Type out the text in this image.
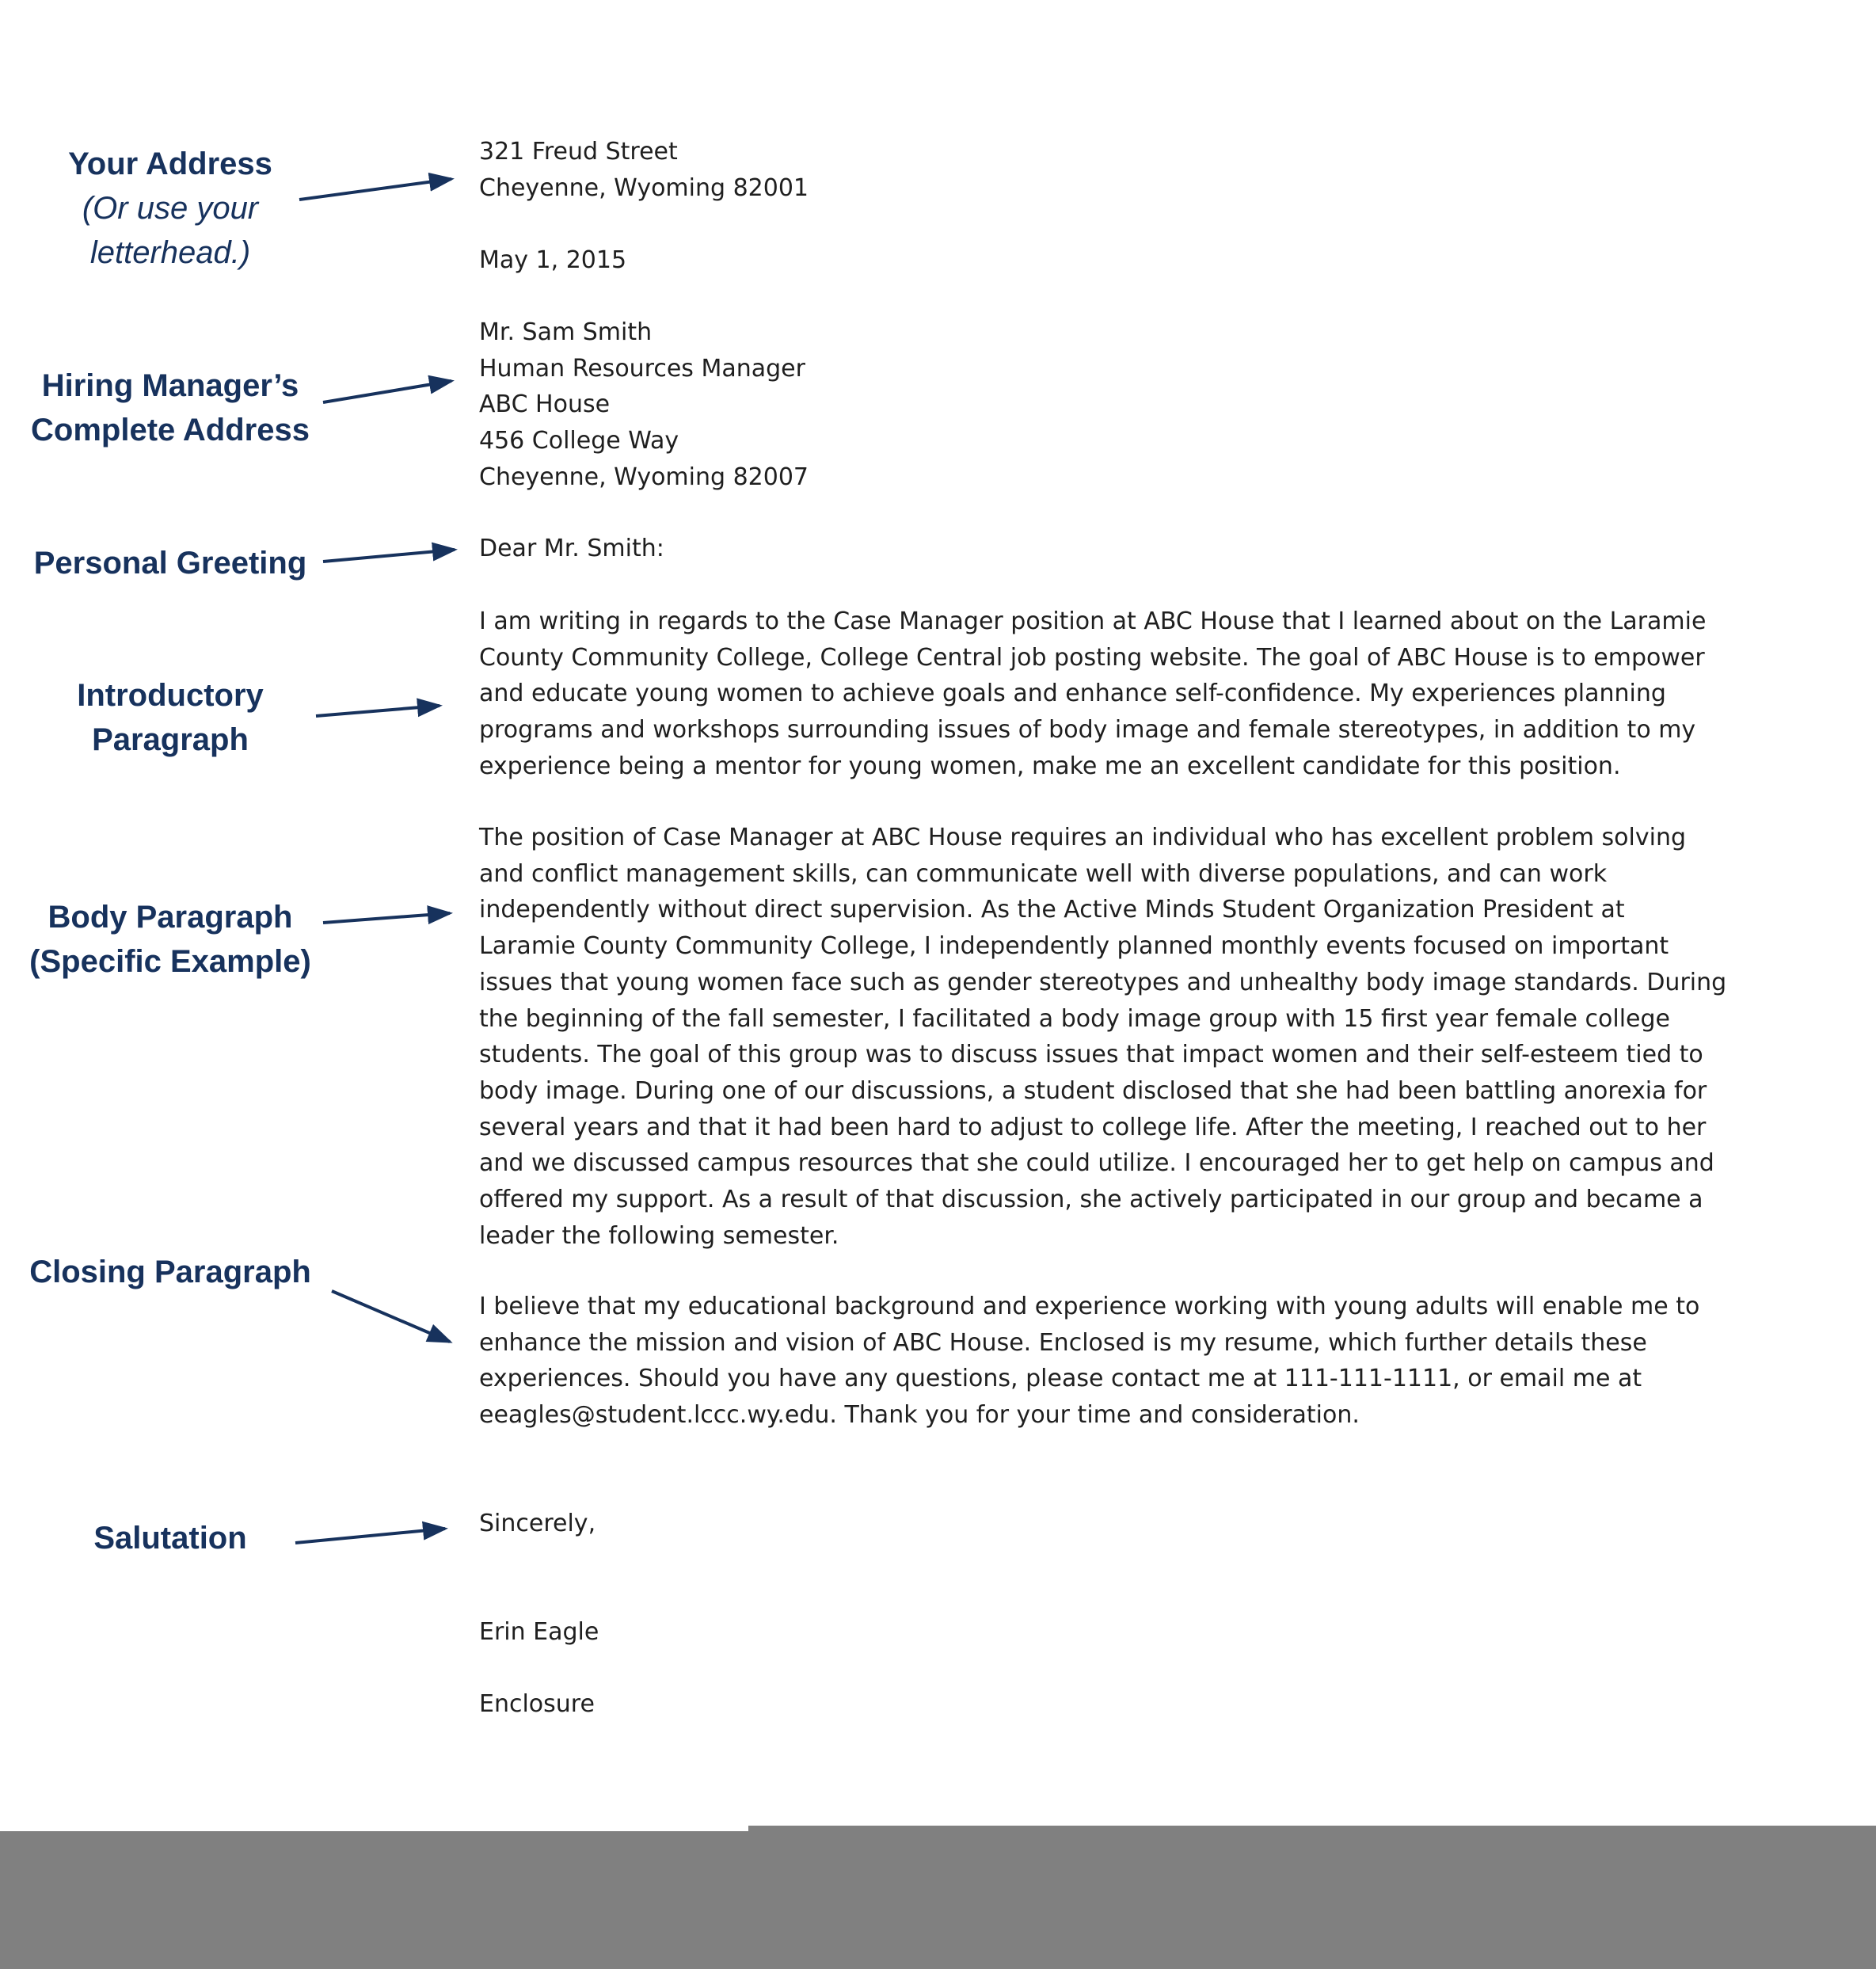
Your Address
(Or use your
letterhead.)
Hiring Manager’s
Complete Address
Personal Greeting
Introductory
Paragraph
Body Paragraph
(Specific Example)
Closing Paragraph
Salutation
321 Freud Street
Cheyenne, Wyoming 82001
May 1, 2015
Mr. Sam Smith
Human Resources Manager
ABC House
456 College Way
Cheyenne, Wyoming 82007
Dear Mr. Smith:
I am writing in regards to the Case Manager position at ABC House that I learned about on the Laramie
County Community College, College Central job posting website. The goal of ABC House is to empower
and educate young women to achieve goals and enhance self-confidence. My experiences planning
programs and workshops surrounding issues of body image and female stereotypes, in addition to my
experience being a mentor for young women, make me an excellent candidate for this position.
The position of Case Manager at ABC House requires an individual who has excellent problem solving
and conflict management skills, can communicate well with diverse populations, and can work
independently without direct supervision. As the Active Minds Student Organization President at
Laramie County Community College, I independently planned monthly events focused on important
issues that young women face such as gender stereotypes and unhealthy body image standards. During
the beginning of the fall semester, I facilitated a body image group with 15 first year female college
students. The goal of this group was to discuss issues that impact women and their self-esteem tied to
body image. During one of our discussions, a student disclosed that she had been battling anorexia for
several years and that it had been hard to adjust to college life. After the meeting, I reached out to her
and we discussed campus resources that she could utilize. I encouraged her to get help on campus and
offered my support. As a result of that discussion, she actively participated in our group and became a
leader the following semester.
I believe that my educational background and experience working with young adults will enable me to
enhance the mission and vision of ABC House. Enclosed is my resume, which further details these
experiences. Should you have any questions, please contact me at 111-111-1111, or email me at
eeagles@student.lccc.wy.edu. Thank you for your time and consideration.
Sincerely,
Erin Eagle
Enclosure
